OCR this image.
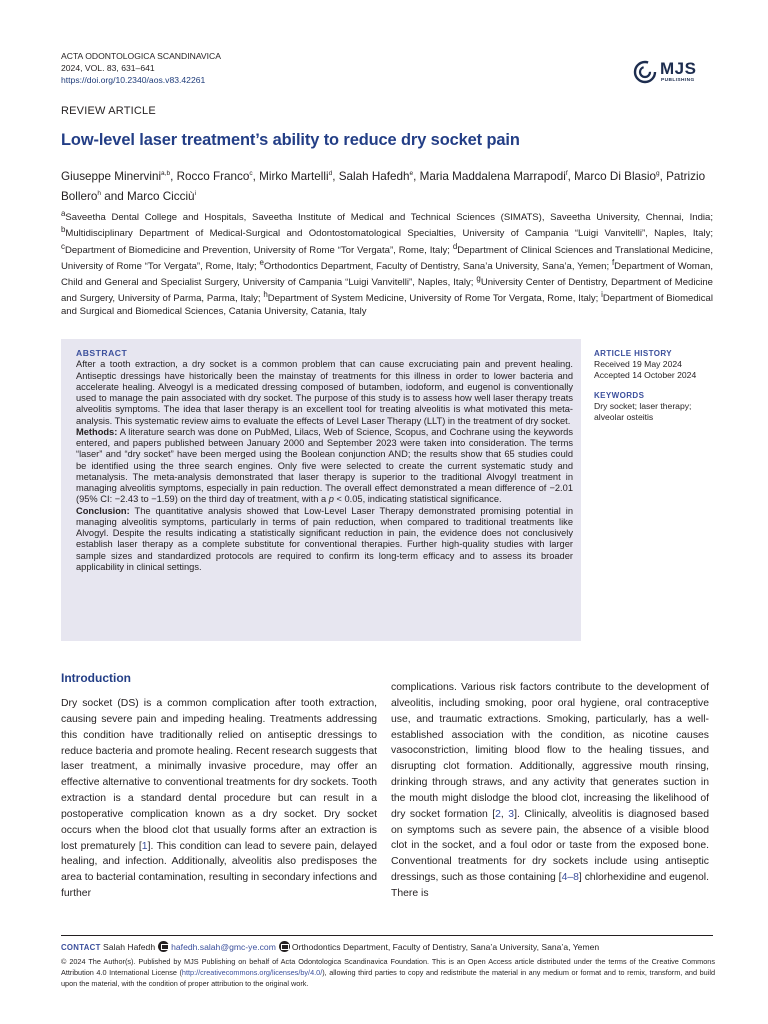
ACTA ODONTOLOGICA SCANDINAVICA
2024, VOL. 83, 631–641
https://doi.org/10.2340/aos.v83.42261
MJS
PUBLISHING
REVIEW ARTICLE
Low-level laser treatment’s ability to reduce dry socket pain
Giuseppe Minervini$^{a,b}$, Rocco Franco$^c$, Mirko Martelli$^d$, Salah Hafedh$^e$, Maria Maddalena Marrapodi$^f$, Marco Di Blasio$^g$, Patrizio Bollero$^h$ and Marco Cicciù$^i$
$^a$Saveetha Dental College and Hospitals, Saveetha Institute of Medical and Technical Sciences (SIMATS), Saveetha University, Chennai, India; $^b$Multidisciplinary Department of Medical-Surgical and Odontostomatological Specialties, University of Campania “Luigi Vanvitelli”, Naples, Italy; $^c$Department of Biomedicine and Prevention, University of Rome “Tor Vergata”, Rome, Italy; $^d$Department of Clinical Sciences and Translational Medicine, University of Rome “Tor Vergata”, Rome, Italy; $^e$Orthodontics Department, Faculty of Dentistry, Sana’a University, Sana’a, Yemen; $^f$Department of Woman, Child and General and Specialist Surgery, University of Campania “Luigi Vanvitelli”, Naples, Italy; $^g$University Center of Dentistry, Department of Medicine and Surgery, University of Parma, Parma, Italy; $^h$Department of System Medicine, University of Rome Tor Vergata, Rome, Italy; $^i$Department of Biomedical and Surgical and Biomedical Sciences, Catania University, Catania, Italy
ABSTRACT

After a tooth extraction, a dry socket is a common problem that can cause excruciating pain and prevent healing. Antiseptic dressings have historically been the mainstay of treatments for this illness in order to lower bacteria and accelerate healing. Alveogyl is a medicated dressing composed of butamben, iodoform, and eugenol is conventionally used to manage the pain associated with dry socket. The purpose of this study is to assess how well laser therapy treats alveolitis symptoms. The idea that laser therapy is an excellent tool for treating alveolitis is what motivated this meta-analysis. This systematic review aims to evaluate the effects of Level Laser Therapy (LLT) in the treatment of dry socket.

Methods: A literature search was done on PubMed, Lilacs, Web of Science, Scopus, and Cochrane using the keywords entered, and papers published between January 2000 and September 2023 were taken into consideration. The terms “laser” and “dry socket” have been merged using the Boolean conjunction AND; the results show that 65 studies could be identified using the three search engines. Only five were selected to create the current systematic study and metanalysis. The meta-analysis demonstrated that laser therapy is superior to the traditional Alvogyl treatment in managing alveolitis symptoms, especially in pain reduction. The overall effect demonstrated a mean difference of −2.01 (95% CI: −2.43 to −1.59) on the third day of treatment, with a p < 0.05, indicating statistical significance.

Conclusion: The quantitative analysis showed that Low-Level Laser Therapy demonstrated promising potential in managing alveolitis symptoms, particularly in terms of pain reduction, when compared to traditional treatments like Alvogyl. Despite the results indicating a statistically significant reduction in pain, the evidence does not conclusively establish laser therapy as a complete substitute for conventional therapies. Further high-quality studies with larger sample sizes and standardized protocols are required to confirm its long-term efficacy and to assess its broader applicability in clinical settings.

ARTICLE HISTORY
Received 19 May 2024
Accepted 14 October 2024
KEYWORDS
Dry socket; laser therapy; alveolar osteitis
Introduction
Dry socket (DS) is a common complication after tooth extraction, causing severe pain and impeding healing. Treatments addressing this condition have traditionally relied on antiseptic dressings to reduce bacteria and promote healing. Recent research suggests that laser treatment, a minimally invasive procedure, may offer an effective alternative to conventional treatments for dry sockets. Tooth extraction is a standard dental procedure but can result in a postoperative complication known as a dry socket. Dry socket occurs when the blood clot that usually forms after an extraction is lost prematurely [1]. This condition can lead to severe pain, delayed healing, and infection. Additionally, alveolitis also predisposes the area to bacterial contamination, resulting in secondary infections and further
complications. Various risk factors contribute to the development of alveolitis, including smoking, poor oral hygiene, oral contraceptive use, and traumatic extractions. Smoking, particularly, has a well-established association with the condition, as nicotine causes vasoconstriction, limiting blood flow to the healing tissues, and disrupting clot formation. Additionally, aggressive mouth rinsing, drinking through straws, and any activity that generates suction in the mouth might dislodge the blood clot, increasing the likelihood of dry socket formation [2, 3]. Clinically, alveolitis is diagnosed based on symptoms such as severe pain, the absence of a visible blood clot in the socket, and a foul odor or taste from the exposed bone. Conventional treatments for dry sockets include using antiseptic dressings, such as those containing [4–8] chlorhexidine and eugenol. There is
CONTACT Salah Hafedh hafedh.salah@gmc-ye.com Orthodontics Department, Faculty of Dentistry, Sana’a University, Sana’a, Yemen
© 2024 The Author(s). Published by MJS Publishing on behalf of Acta Odontologica Scandinavica Foundation. This is an Open Access article distributed under the terms of the Creative Commons Attribution 4.0 International License (http://creativecommons.org/licenses/by/4.0/), allowing third parties to copy and redistribute the material in any medium or format and to remix, transform, and build upon the material, with the condition of proper attribution to the original work.
